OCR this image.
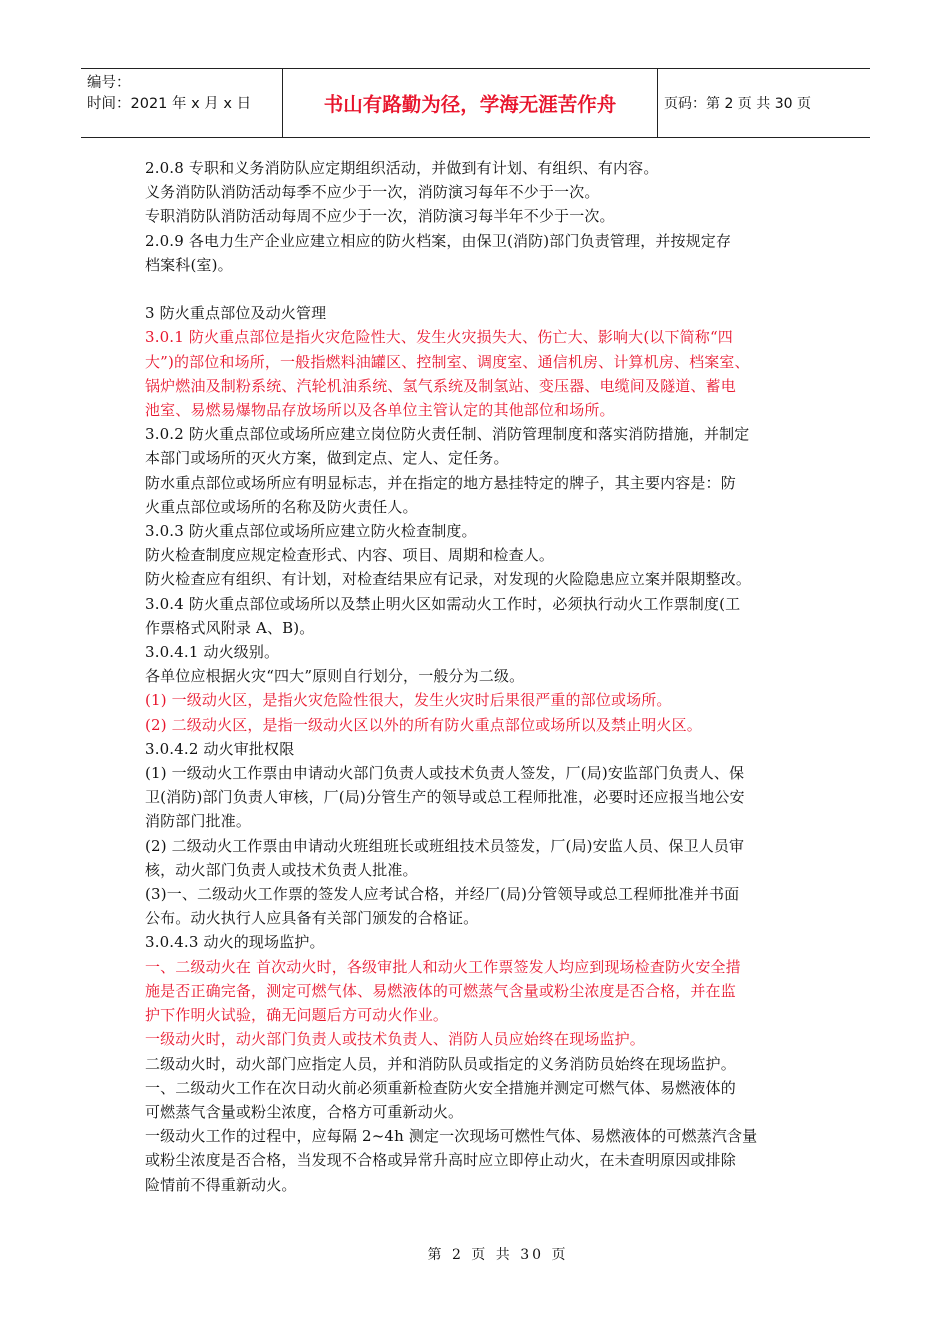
编号：
时间：2021 年 x 月 x 日	书山有路勤为径，学海无涯苦作舟	页码：第 2 页 共 30 页
2.0.8 专职和义务消防队应定期组织活动，并做到有计划、有组织、有内容。
义务消防队消防活动每季不应少于一次，消防演习每年不少于一次。
专职消防队消防活动每周不应少于一次，消防演习每半年不少于一次。
2.0.9 各电力生产企业应建立相应的防火档案，由保卫(消防)部门负责管理，并按规定存
档案科(室)。
3 防火重点部位及动火管理
3.0.1 防火重点部位是指火灾危险性大、发生火灾损失大、伤亡大、影响大(以下简称“四
大”)的部位和场所，一般指燃料油罐区、控制室、调度室、通信机房、计算机房、档案室、
锅炉燃油及制粉系统、汽轮机油系统、氢气系统及制氢站、变压器、电缆间及隧道、蓄电
池室、易燃易爆物品存放场所以及各单位主管认定的其他部位和场所。
3.0.2 防火重点部位或场所应建立岗位防火责任制、消防管理制度和落实消防措施，并制定
本部门或场所的灭火方案，做到定点、定人、定任务。
防水重点部位或场所应有明显标志，并在指定的地方悬挂特定的牌子，其主要内容是：防
火重点部位或场所的名称及防火责任人。
3.0.3 防火重点部位或场所应建立防火检查制度。
防火检查制度应规定检查形式、内容、项目、周期和检查人。
防火检查应有组织、有计划，对检查结果应有记录，对发现的火险隐患应立案并限期整改。
3.0.4 防火重点部位或场所以及禁止明火区如需动火工作时，必须执行动火工作票制度(工
作票格式风附录 A、B)。
3.0.4.1 动火级别。
各单位应根据火灾“四大”原则自行划分，一般分为二级。
(1) 一级动火区，是指火灾危险性很大，发生火灾时后果很严重的部位或场所。
(2) 二级动火区，是指一级动火区以外的所有防火重点部位或场所以及禁止明火区。
3.0.4.2 动火审批权限
(1) 一级动火工作票由申请动火部门负责人或技术负责人签发，厂(局)安监部门负责人、保
卫(消防)部门负责人审核，厂(局)分管生产的领导或总工程师批准，必要时还应报当地公安
消防部门批准。
(2) 二级动火工作票由申请动火班组班长或班组技术员签发，厂(局)安监人员、保卫人员审
核，动火部门负责人或技术负责人批准。
(3)一、二级动火工作票的签发人应考试合格，并经厂(局)分管领导或总工程师批准并书面
公布。动火执行人应具备有关部门颁发的合格证。
3.0.4.3 动火的现场监护。
一、二级动火在 首次动火时，各级审批人和动火工作票签发人均应到现场检查防火安全措
施是否正确完备，测定可燃气体、易燃液体的可燃蒸气含量或粉尘浓度是否合格，并在监
护下作明火试验，确无问题后方可动火作业。
一级动火时，动火部门负责人或技术负责人、消防人员应始终在现场监护。
二级动火时，动火部门应指定人员，并和消防队员或指定的义务消防员始终在现场监护。
一、二级动火工作在次日动火前必须重新检查防火安全措施并测定可燃气体、易燃液体的
可燃蒸气含量或粉尘浓度，合格方可重新动火。
一级动火工作的过程中，应每隔 2~4h 测定一次现场可燃性气体、易燃液体的可燃蒸汽含量
或粉尘浓度是否合格，当发现不合格或异常升高时应立即停止动火，在未查明原因或排除
险情前不得重新动火。
第 2 页 共 30 页
